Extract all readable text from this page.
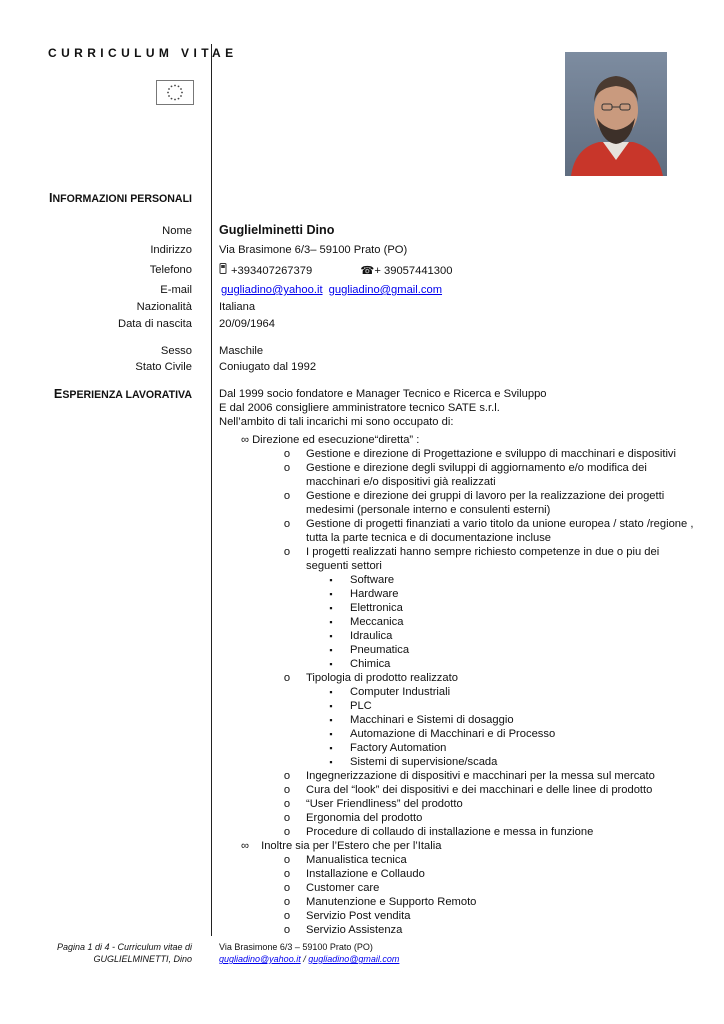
CURRICULUM VITAE
INFORMAZIONI PERSONALI
Nome Guglielminetti Dino
Indirizzo Via Brasimone 6/3– 59100 Prato (PO)
Telefono	+393407267379	☎+ 39057441300
E-mail	gugliadino@yahoo.it gugliadino@gmail.com
Nazionalità Italiana
Data di nascita 20/09/1964
Sesso Maschile
Stato Civile Coniugato dal 1992
ESPERIENZA LAVORATIVA Dal 1999 socio fondatore e Manager Tecnico e Ricerca e Sviluppo
E dal 2006 consigliere amministratore tecnico SATE s.r.l.
Nell’ambito di tali incarichi mi sono occupato di:
∞ Direzione ed esecuzione“diretta” :
o Gestione e direzione di Progettazione e sviluppo di macchinari e dispositivi
o Gestione e direzione degli sviluppi di aggiornamento e/o modifica dei
macchinari e/o dispositivi già realizzati
o Gestione e direzione dei gruppi di lavoro per la realizzazione dei progetti
medesimi (personale interno e consulenti esterni)
o Gestione di progetti finanziati a vario titolo da unione europea / stato /regione ,
tutta la parte tecnica e di documentazione incluse
o I progetti realizzati hanno sempre richiesto competenze in due o piu dei
seguenti settori
▪	Software
▪	Hardware
▪	Elettronica
▪	Meccanica
▪	Idraulica
▪	Pneumatica
▪	Chimica
o Tipologia di prodotto realizzato
▪	Computer Industriali
▪	PLC
▪	Macchinari e Sistemi di dosaggio
▪	Automazione di Macchinari e di Processo
▪	Factory Automation
▪	Sistemi di supervisione/scada
o Ingegnerizzazione di dispositivi e macchinari per la messa sul mercato
o Cura del “look” dei dispositivi e dei macchinari e delle linee di prodotto
o “User Friendliness” del prodotto
o Ergonomia del prodotto
o Procedure di collaudo di installazione e messa in funzione
∞ Inoltre sia per l’Estero che per l’Italia
o Manualistica tecnica
o Installazione e Collaudo
o Customer care
o Manutenzione e Supporto Remoto
o Servizio Post vendita
o Servizio Assistenza
Pagina 1 di 4 - Curriculum vitae di
GUGLIELMINETTI, Dino
Via Brasimone 6/3 – 59100 Prato (PO)
gugliadino@yahoo.it / gugliadino@gmail.com
